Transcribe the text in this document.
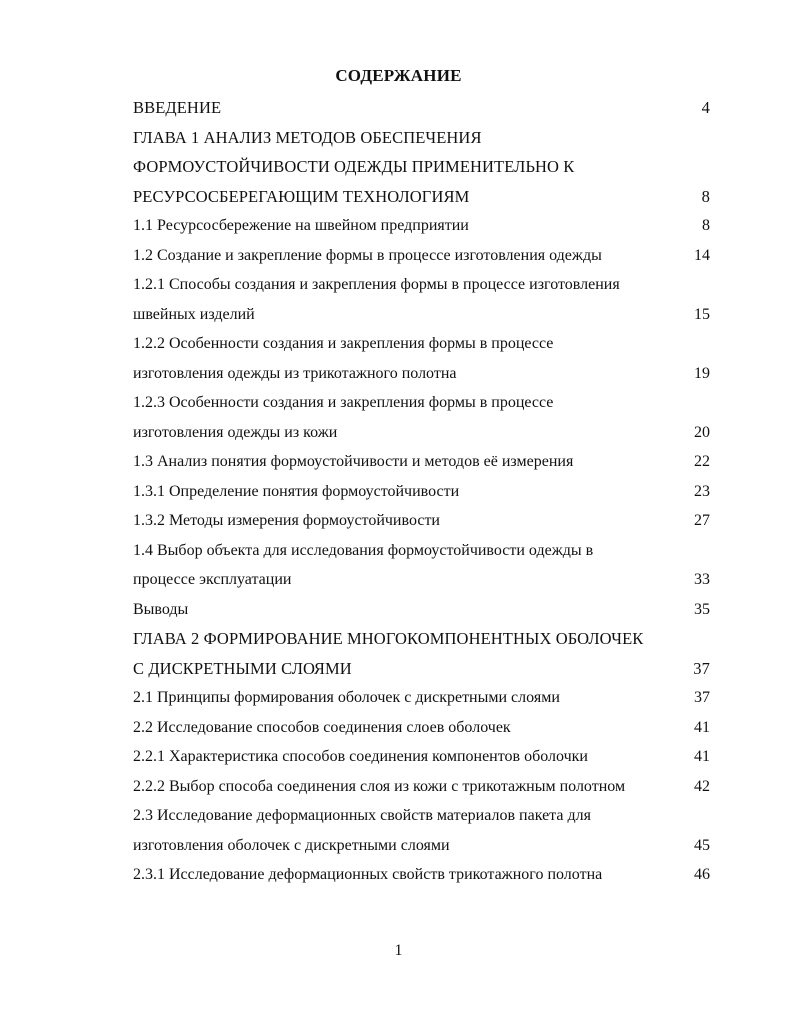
СОДЕРЖАНИЕ
ВВЕДЕНИЕ	4
ГЛАВА 1 АНАЛИЗ МЕТОДОВ ОБЕСПЕЧЕНИЯ
ФОРМОУСТОЙЧИВОСТИ ОДЕЖДЫ ПРИМЕНИТЕЛЬНО К
РЕСУРСОСБЕРЕГАЮЩИМ ТЕХНОЛОГИЯМ	8
1.1 Ресурсосбережение на швейном предприятии	8
1.2 Создание и закрепление формы в процессе изготовления одежды	14
1.2.1 Способы создания и закрепления формы в процессе изготовления
швейных изделий	15
1.2.2 Особенности создания и закрепления формы в процессе
изготовления одежды из трикотажного полотна	19
1.2.3 Особенности создания и закрепления формы в процессе
изготовления одежды из кожи	20
1.3 Анализ понятия формоустойчивости и методов её измерения	22
1.3.1 Определение понятия формоустойчивости	23
1.3.2 Методы измерения формоустойчивости	27
1.4 Выбор объекта для исследования формоустойчивости одежды в
процессе эксплуатации	33
Выводы	35
ГЛАВА 2 ФОРМИРОВАНИЕ МНОГОКОМПОНЕНТНЫХ ОБОЛОЧЕК
С ДИСКРЕТНЫМИ СЛОЯМИ	37
2.1 Принципы формирования оболочек с дискретными слоями	37
2.2 Исследование способов соединения слоев оболочек	41
2.2.1 Характеристика способов соединения компонентов оболочки	41
2.2.2 Выбор способа соединения слоя из кожи с трикотажным полотном	42
2.3 Исследование деформационных свойств материалов пакета для
изготовления оболочек с дискретными слоями	45
2.3.1 Исследование деформационных свойств трикотажного полотна	46
1
